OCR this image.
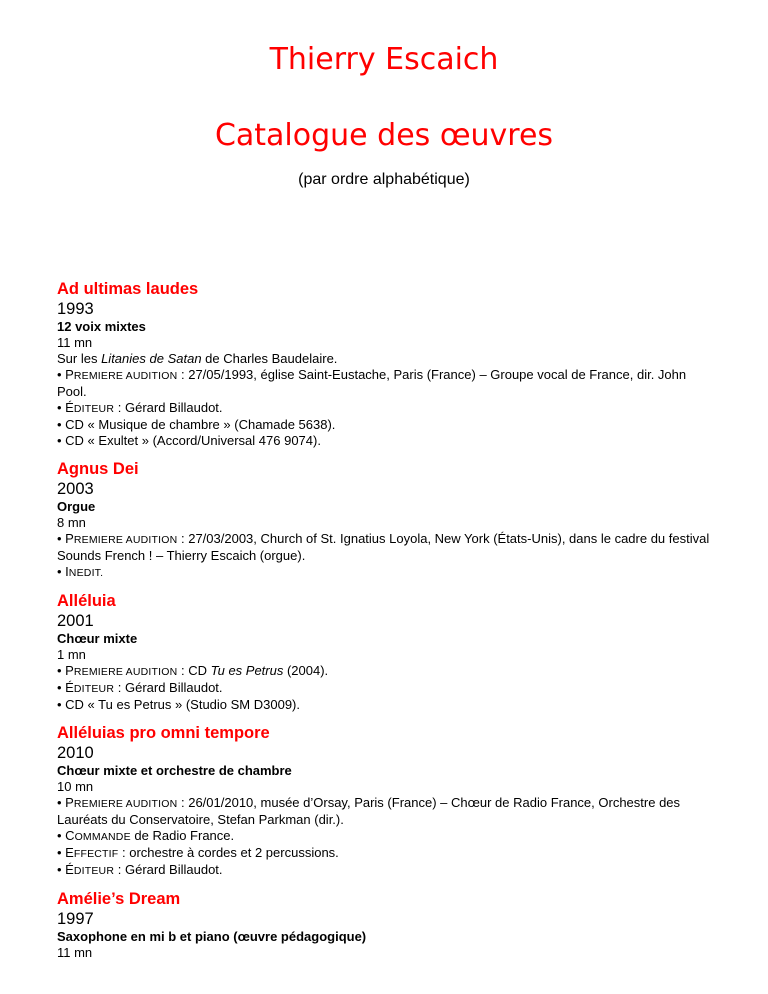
Thierry Escaich
Catalogue des œuvres
(par ordre alphabétique)
Ad ultimas laudes
1993
12 voix mixtes
11 mn
Sur les Litanies de Satan de Charles Baudelaire.
• PREMIERE AUDITION : 27/05/1993, église Saint-Eustache, Paris (France) – Groupe vocal de France, dir. John Pool.
• ÉDITEUR : Gérard Billaudot.
• CD « Musique de chambre » (Chamade 5638).
• CD « Exultet » (Accord/Universal 476 9074).
Agnus Dei
2003
Orgue
8 mn
• PREMIERE AUDITION : 27/03/2003, Church of St. Ignatius Loyola, New York (États-Unis), dans le cadre du festival Sounds French ! – Thierry Escaich (orgue).
• INEDIT.
Alléluia
2001
Chœur mixte
1 mn
• PREMIERE AUDITION : CD Tu es Petrus (2004).
• ÉDITEUR : Gérard Billaudot.
• CD « Tu es Petrus » (Studio SM D3009).
Alléluias pro omni tempore
2010
Chœur mixte et orchestre de chambre
10 mn
• PREMIERE AUDITION : 26/01/2010, musée d’Orsay, Paris (France) – Chœur de Radio France, Orchestre des Lauréats du Conservatoire, Stefan Parkman (dir.).
• COMMANDE de Radio France.
• EFFECTIF : orchestre à cordes et 2 percussions.
• ÉDITEUR : Gérard Billaudot.
Amélie’s Dream
1997
Saxophone en mi b et piano (œuvre pédagogique)
11 mn
